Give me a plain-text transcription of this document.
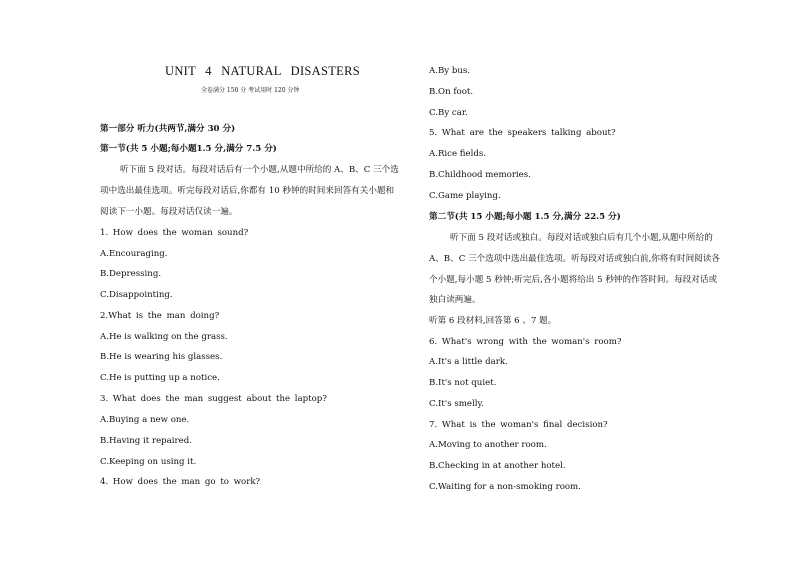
UNIT 4 NATURAL DISASTERS
全卷满分 150 分 考试用时 120 分钟
第一部分 听力(共两节,满分 30 分)
第一节(共 5 小题;每小题1.5 分,满分 7.5 分)
听下面 5 段对话。每段对话后有一个小题,从题中所给的 A、B、C 三个选
项中选出最佳选项。听完每段对话后,你都有 10 秒钟的时间来回答有关小题和
阅读下一小题。每段对话仅读一遍。
1. How does the woman sound?
A.Encouraging.
B.Depressing.
C.Disappointing.
2.What is the man doing?
A.He is walking on the grass.
B.He is wearing his glasses.
C.He is putting up a notice.
3. What does the man suggest about the laptop?
A.Buying a new one.
B.Having it repaired.
C.Keeping on using it.
4. How does the man go to work?
A.By bus.
B.On foot.
C.By car.
5. What are the speakers talking about?
A.Rice fields.
B.Childhood memories.
C.Game playing.
第二节(共 15 小题;每小题 1.5 分,满分 22.5 分)
听下面 5 段对话或独白。每段对话或独白后有几个小题,从题中所给的
A、B、C 三个选项中选出最佳选项。听每段对话或独白前,你将有时间阅读各
个小题,每小题 5 秒钟;听完后,各小题将给出 5 秒钟的作答时间。每段对话或
独白读两遍。
听第 6 段材料,回答第 6 、7 题。
6. What's wrong with the woman's room?
A.It's a little dark.
B.It's not quiet.
C.It's smelly.
7. What is the woman's final decision?
A.Moving to another room.
B.Checking in at another hotel.
C.Waiting for a non-smoking room.
